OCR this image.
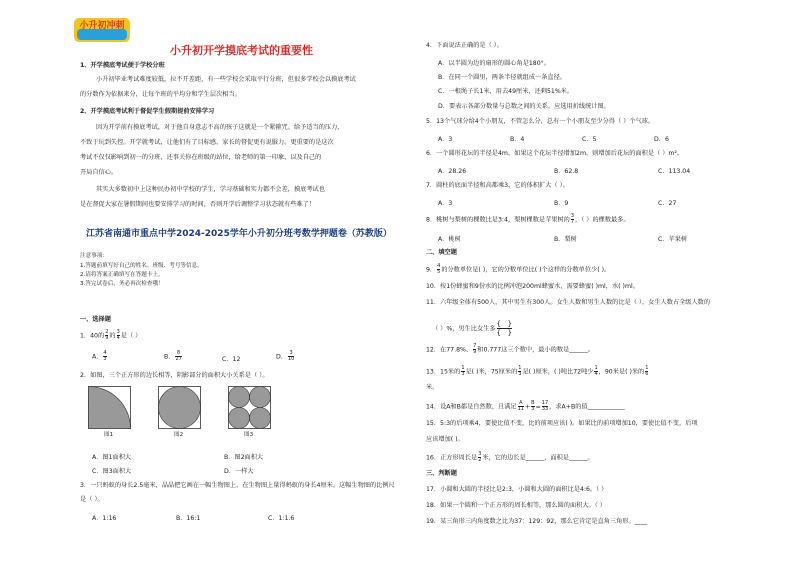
小升初冲刺
小升初开学摸底考试的重要性
1、开学摸底考试便于学校分班
小升初毕业考试难度较低，拉不开差距，有一些学校会采取平行分班，但很多学校会以摸底考试
的分数作为依据来分，让每个班的平均分和学生层次相当。
2、开学摸底考试利于督促学生假期提前安排学习
因为开学前有摸底考试，对于他自身意志不高的孩子这就是一个紧箍咒。给予适当的压力，
不致于玩到失控。开学就考试，让他们有了目标感，家长的督促更有说服力。更重要的是这次
考试不仅仅影响到初一的分班，还事关你在班级的站位，给老师的第一印象，以及自己的
开局自信心。
其实大多数初中上这种民办初中学校的学生，学习基础和实力都不会差，摸底考试也
是在督促大家在暑假期间也要安排学习的时间，否则开学后调整学习状态就有些难了！
江苏省南通市重点中学2024-2025学年小升初分班考数学押题卷（苏教版）
注意事项：
1.答题前填写好自己的姓名、班级、考号等信息。
2.请将答案正确填写在答题卡上。
3.答完试卷后，务必再次检查哦！
一、选择题
1．40的 $\frac{2}{9}$ 的 $\frac{3}{4}$ 是（ ）
A． $\frac{4}{3}$	B． $\frac{8}{27}$	C．12	D． $\frac{3}{10}$
2．如图，三个正方形的边长相等，阴影部分的面积大小关系是（ ）。
图1	图2	图3
A．图1面积大	B．图2面积大
C．图3面积大	D．一样大
3．一只蚂蚁的身长2.5毫米，晶晶把它画在一幅生物图上，在生物图上量得蚂蚁的身长4厘米。这幅生物图的比例尺
是（ ）。
A．1:16	B．16:1	C．1:1.6
4．下面说法正确的是（ ）。
A．以半圆为边的扇形的圆心角是180°。
B．在同一个圆里，两条半径就组成一条直径。
C．一根绳子长1米，用去49厘米，还剩51%米。
D．要表示各部分数量与总数之间的关系，应选用折线统计图。
5．13个气球分给4个小朋友，不管怎么分，总有一个小朋友至少分得（ ）个气球。
A．3	B．4	C．5	D．6
6．一个圆形花坛的半径是4m，如果这个花坛半径增加2m，则增加后花坛的面积是（ ）m²。
A．28.26	B．62.8	C．113.04
7．圆柱的底面半径和高都乘3，它的体积扩大（ ）。
A．3	B．9	C．27
8．桃树与梨树的棵数比是3:4，梨树棵数是苹果树的 $\frac{3}{7}$ ，（ ）的棵数最多。
A．桃树	B．梨树	C．苹果树
二、填空题
9． $\frac{4}{5}$ 的分数单位是( )，它的分数单位比( )个这样的分数单位少( )。
10．按1份蜂蜜和9份水的比例冲泡200ml蜂蜜水，需要蜂蜜( )ml，水( )ml。
11．六年级全体有500人，其中男生有300人。女生人数和男生人数的比是（ ），女生人数占全级人数的
（ ）%，男生比女生多 $\frac{\{ \}}{\{ \}}$
12．在77.8%、 $\frac{7}{9}$ 和0.777这三个数中，最小的数是______。
13．15米的 $\frac{1}{3}$ 是( )米，75厘米的 $\frac{1}{3}$ 是( )厘米，( )吨比72吨少 $\frac{1}{4}$ ，90米是( )米的 $\frac{1}{6}$
米。
14．设A和B都是自然数，且满足 $\frac{A}{11} + \frac{B}{3} = \frac{17}{33}$ ，求A+B的值____________
15．5:3的后项乘4，要使比值不变，比的前项应该( )。如果比的前项增加10，要使比值不变，后项
应该增加( )。
16．正方形周长是 $\frac{3}{2}$ 米，它的边长是______，面积是______。
三、判断题
17．小圆和大圆的半径比是2:3，小圆和大圆的面积比是4:6。（ ）
18．如果一个圆和一个正方形的周长相等，那么圆的面积大。（ ）
19．某三角形三内角度数之比为37：129：92，那么它肯定是直角三角形。____
